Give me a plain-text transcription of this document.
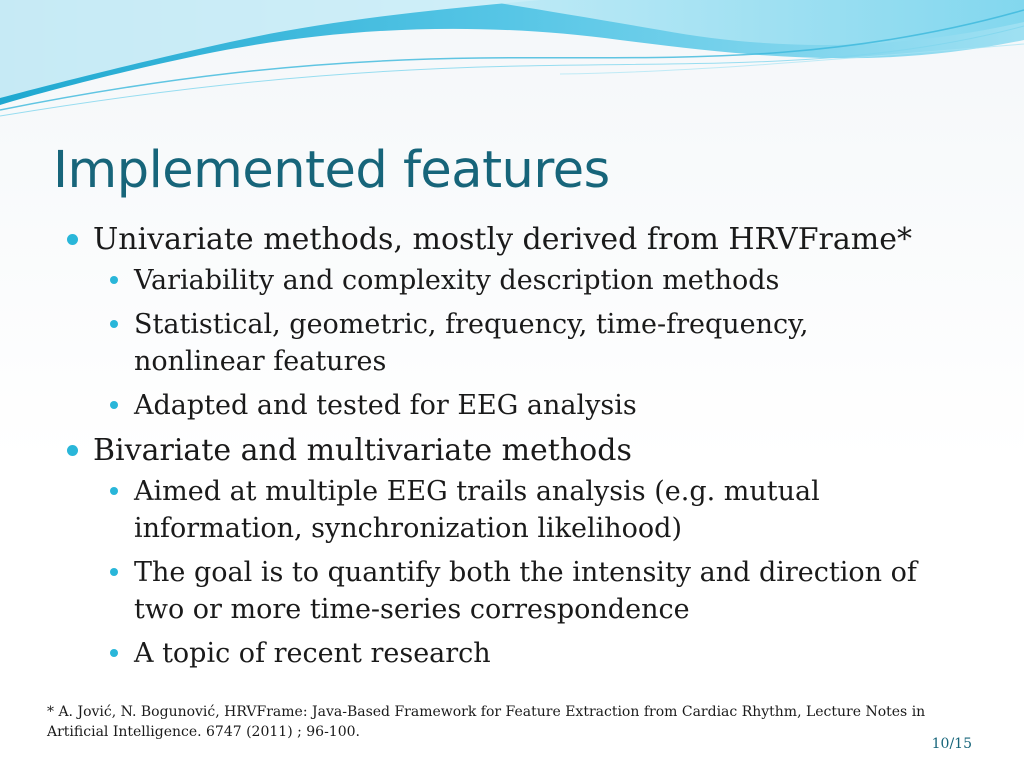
Implemented features
Univariate methods, mostly derived from HRVFrame*
Variability and complexity description methods
Statistical, geometric, frequency, time-frequency, nonlinear features
Adapted and tested for EEG analysis
Bivariate and multivariate methods
Aimed at multiple EEG trails analysis (e.g. mutual information, synchronization likelihood)
The goal is to quantify both the intensity and direction of two or more time-series correspondence
A topic of recent research
* A. Jović, N. Bogunović, HRVFrame: Java-Based Framework for Feature Extraction from Cardiac Rhythm, Lecture Notes in Artificial Intelligence. 6747 (2011) ; 96-100.
10/15
